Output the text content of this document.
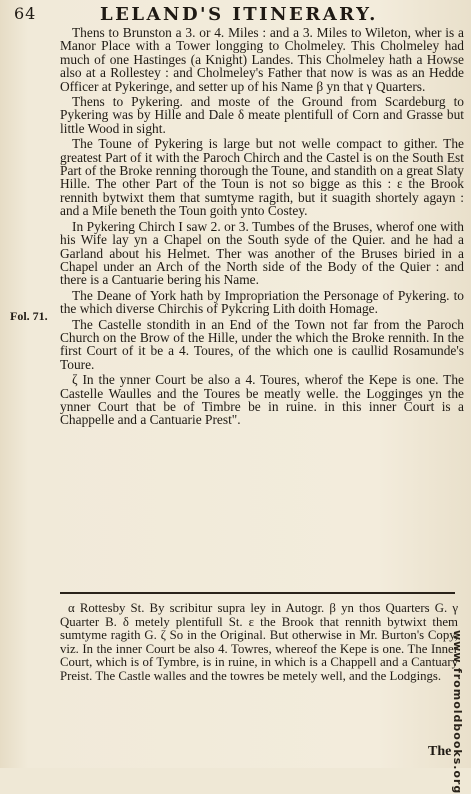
64	LELAND'S ITINERARY.
Fol. 71.

Thens to Brunston a 3. or 4. Miles : and a 3. Miles to Wileton, wher is a Manor Place with a Tower longging to Cholmeley. This Cholmeley had much of one Hastinges (a Knight) Landes. This Cholmeley hath a Howse also at a Rollestey : and Cholmeley's Father that now is was as an Hedde Officer at Pykeringe, and setter up of his Name β yn that γ Quarters.

Thens to Pykering. and moste of the Ground from Scardeburg to Pykering was by Hille and Dale δ meate plentifull of Corn and Grasse but little Wood in sight.

The Toune of Pykering is large but not welle compact to gither. The greatest Part of it with the Paroch Chirch and the Castel is on the South Est Part of the Broke renning thorough the Toune, and standith on a great Slaty Hille. The other Part of the Toun is not so bigge as this : ε the Brook rennith bytwixt them that sumtyme ragith, but it suagith shortely agayn : and a Mile beneth the Toun goith ynto Costey.

In Pykering Chirch I saw 2. or 3. Tumbes of the Bruses, wherof one with his Wife lay yn a Chapel on the South syde of the Quier. and he had a Garland about his Helmet. Ther was another of the Bruses biried in a Chapel under an Arch of the North side of the Body of the Quier : and there is a Cantuarie bering his Name.

The Deane of York hath by Impropriation the Personage of Pykering. to the which diverse Chirchis of Pykcring Lith doith Homage.

The Castelle stondith in an End of the Town not far from the Paroch Church on the Brow of the Hille, under the which the Broke rennith. In the first Court of it be a 4. Toures, of the which one is caullid Rosamunde's Toure.

ζ In the ynner Court be also a 4. Toures, wherof the Kepe is one. The Castelle Waulles and the Toures be meatly welle. the Logginges yn the ynner Court that be of Timbre be in ruine. in this inner Court is a Chappelle and a Cantuarie Prest".

α Rottesby St. By scribitur supra ley in Autogr. β yn thos Quarters G. γ Quarter B. δ metely plentifull St. ε the Brook that rennith bytwixt them sumtyme ragith G. ζ So in the Original. But otherwise in Mr. Burton's Copy, viz. In the inner Court be also 4. Towres, whereof the Kepe is one. The Inner Court, which is of Tymbre, is in ruine, in which is a Chappell and a Cantuary Preist. The Castle walles and the towres be metely well, and the Lodgings.

The www.fromoldbooks.org
